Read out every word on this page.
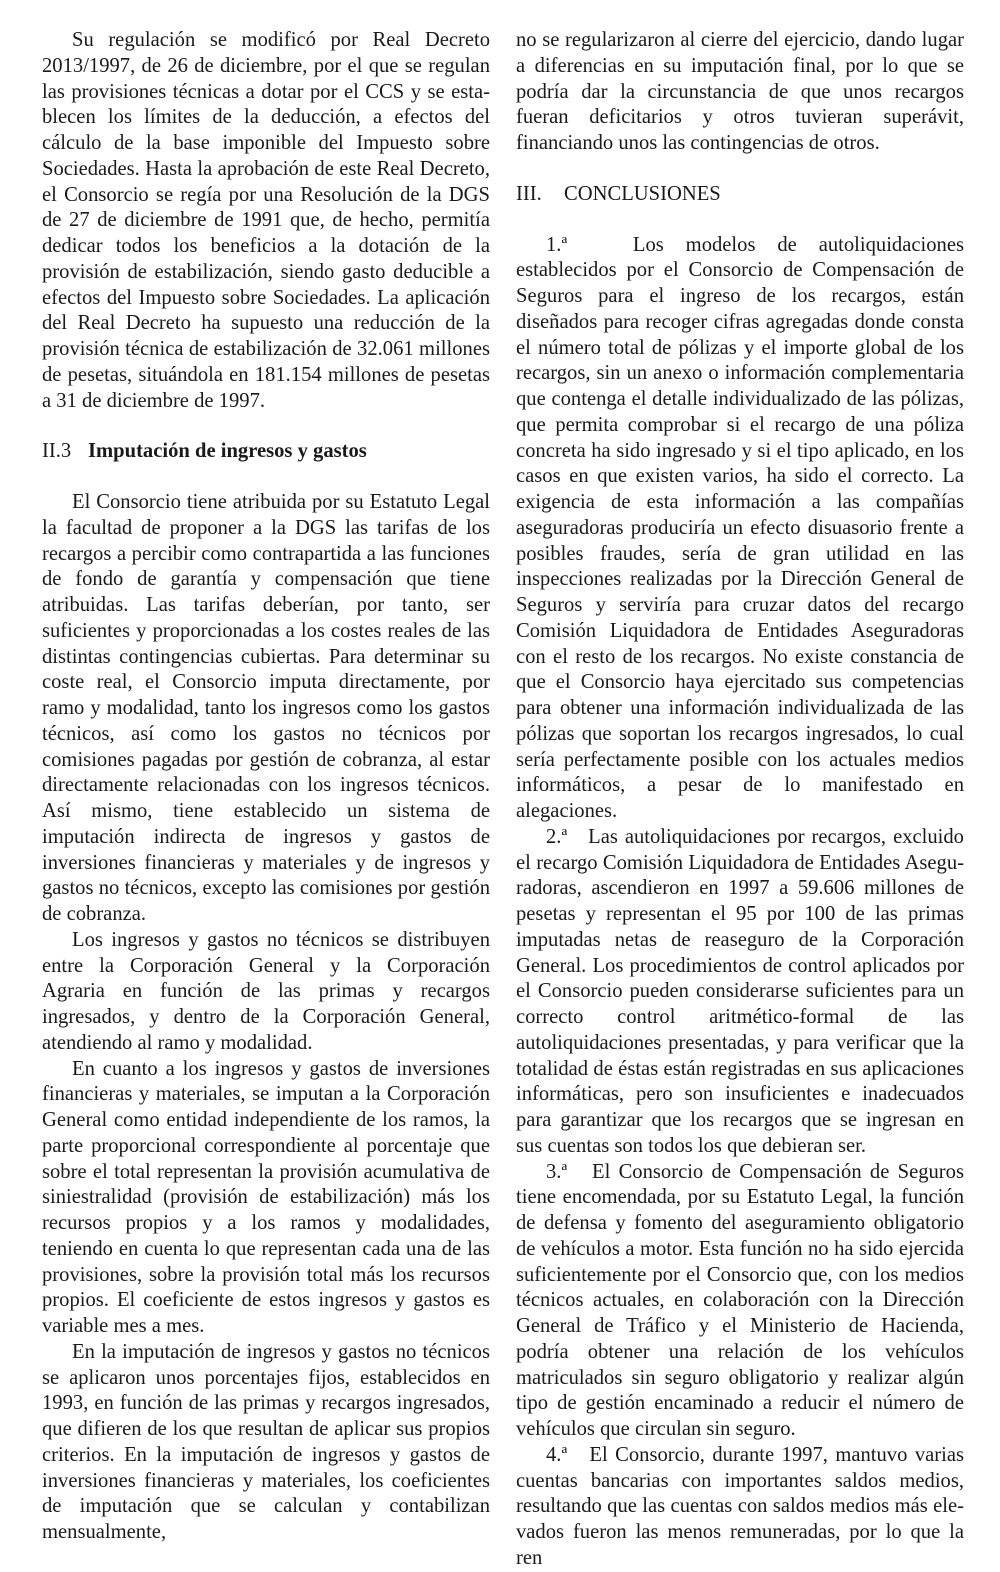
Su regulación se modificó por Real Decreto 2013/1997, de 26 de diciembre, por el que se regulan las provisiones técnicas a dotar por el CCS y se establecen los límites de la deducción, a efectos del cálculo de la base imponible del Impuesto sobre Sociedades. Hasta la aprobación de este Real Decreto, el Consorcio se regía por una Resolución de la DGS de 27 de diciembre de 1991 que, de hecho, permitía dedicar todos los beneficios a la dotación de la provisión de estabilización, siendo gasto deducible a efectos del Impuesto sobre Sociedades. La aplicación del Real Decreto ha supuesto una reducción de la provisión técnica de estabilización de 32.061 millones de pesetas, situándola en 181.154 millones de pesetas a 31 de diciembre de 1997.

II.3 Imputación de ingresos y gastos

El Consorcio tiene atribuida por su Estatuto Legal la facultad de proponer a la DGS las tarifas de los recargos a percibir como contrapartida a las funciones de fondo de garantía y compensación que tiene atribuidas. Las tarifas deberían, por tanto, ser suficientes y proporcionadas a los costes reales de las distintas contingencias cubiertas. Para determinar su coste real, el Consorcio imputa directamente, por ramo y modalidad, tanto los ingresos como los gastos técnicos, así como los gastos no técnicos por comisiones pagadas por gestión de cobranza, al estar directamente relacionadas con los ingresos técnicos. Así mismo, tiene establecido un sistema de imputación indirecta de ingresos y gastos de inversiones financieras y materiales y de ingresos y gastos no técnicos, excepto las comisiones por gestión de cobranza.

Los ingresos y gastos no técnicos se distribuyen entre la Corporación General y la Corporación Agraria en función de las primas y recargos ingresados, y dentro de la Corporación General, atendiendo al ramo y modalidad.

En cuanto a los ingresos y gastos de inversiones financieras y materiales, se imputan a la Corporación General como entidad independiente de los ramos, la parte proporcional correspondiente al porcentaje que sobre el total representan la provisión acumulativa de siniestralidad (provisión de estabilización) más los recursos propios y a los ramos y modalidades, teniendo en cuenta lo que representan cada una de las provisiones, sobre la provisión total más los recursos propios. El coeficiente de estos ingresos y gastos es variable mes a mes.

En la imputación de ingresos y gastos no técnicos se aplicaron unos porcentajes fijos, establecidos en 1993, en función de las primas y recargos ingresados, que difieren de los que resultan de aplicar sus propios criterios. En la imputación de ingresos y gastos de inversiones financieras y materiales, los coeficientes de imputación que se calculan y contabilizan mensualmente,

no se regularizaron al cierre del ejercicio, dando lugar a diferencias en su imputación final, por lo que se podría dar la circunstancia de que unos recargos fueran deficitarios y otros tuvieran superávit, financiando unos las contingencias de otros.

III. CONCLUSIONES

1.ª	Los modelos de autoliquidaciones establecidos por el Consorcio de Compensación de Seguros para el ingreso de los recargos, están diseñados para recoger cifras agregadas donde consta el número total de pólizas y el importe global de los recargos, sin un anexo o información complementaria que contenga el detalle individualizado de las pólizas, que permita comprobar si el recargo de una póliza concreta ha sido ingresado y si el tipo aplicado, en los casos en que existen varios, ha sido el correcto. La exigencia de esta información a las compañías aseguradoras produciría un efecto disuasorio frente a posibles fraudes, sería de gran utilidad en las inspecciones realizadas por la Dirección General de Seguros y serviría para cruzar datos del recargo Comisión Liquidadora de Entidades Aseguradoras con el resto de los recargos. No existe constancia de que el Consorcio haya ejercitado sus competencias para obtener una información individualizada de las pólizas que soportan los recargos ingresados, lo cual sería perfectamente posible con los actuales medios informáticos, a pesar de lo manifestado en alegaciones.

2.ª Las autoliquidaciones por recargos, excluido el recargo Comisión Liquidadora de Entidades Aseguradoras, ascendieron en 1997 a 59.606 millones de pesetas y representan el 95 por 100 de las primas imputadas netas de reaseguro de la Corporación General. Los procedimientos de control aplicados por el Consorcio pueden considerarse suficientes para un correcto control aritmético-formal de las autoliquidaciones presentadas, y para verificar que la totalidad de éstas están registradas en sus aplicaciones informáticas, pero son insuficientes e inadecuados para garantizar que los recargos que se ingresan en sus cuentas son todos los que debieran ser.

3.ª El Consorcio de Compensación de Seguros tiene encomendada, por su Estatuto Legal, la función de defensa y fomento del aseguramiento obligatorio de vehículos a motor. Esta función no ha sido ejercida suficientemente por el Consorcio que, con los medios técnicos actuales, en colaboración con la Dirección General de Tráfico y el Ministerio de Hacienda, podría obtener una relación de los vehículos matriculados sin seguro obligatorio y realizar algún tipo de gestión encaminado a reducir el número de vehículos que circulan sin seguro.

4.ª El Consorcio, durante 1997, mantuvo varias cuentas bancarias con importantes saldos medios, resultando que las cuentas con saldos medios más elevados fueron las menos remuneradas, por lo que la ren
